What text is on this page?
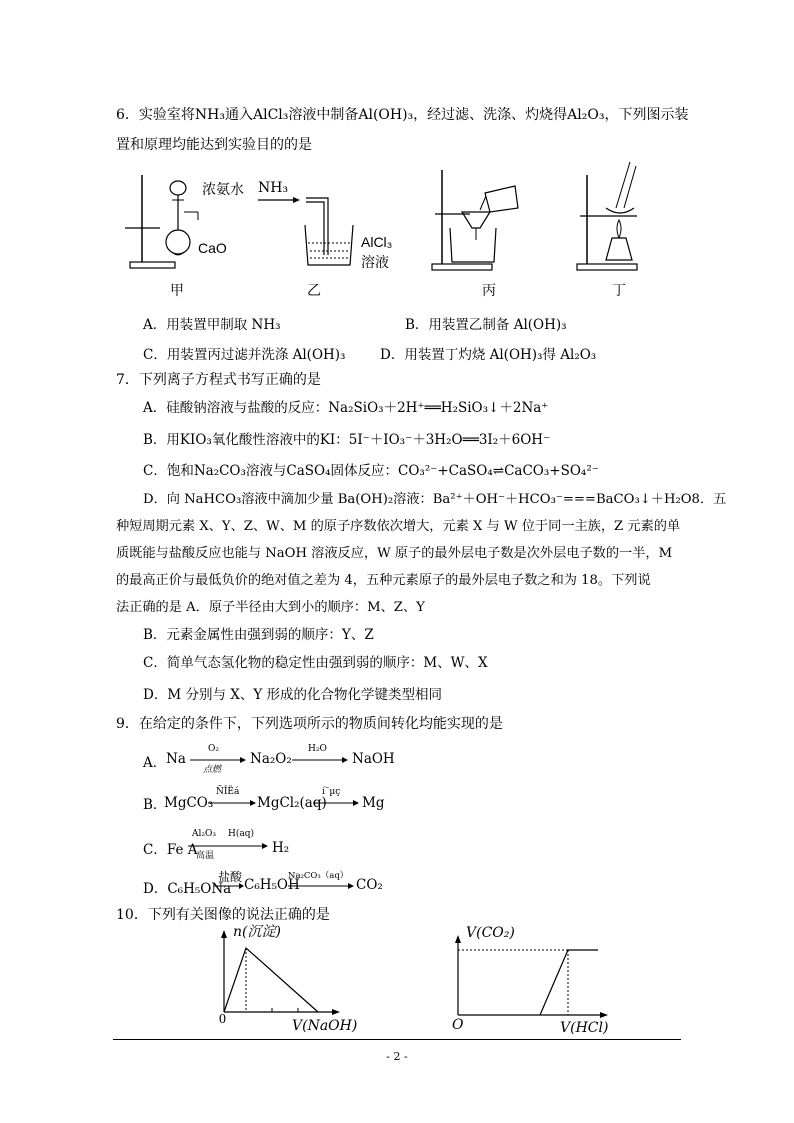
6．实验室将NH₃通入AlCl₃溶液中制备Al(OH)₃，经过滤、洗涤、灼烧得Al₂O₃，下列图示装
置和原理均能达到实验目的的是
浓氨水
CaO
甲
NH₃
AlCl₃
溶液
乙	丙	丁
A．用装置甲制取 NH₃	B．用装置乙制备 Al(OH)₃
C．用装置丙过滤并洗涤 Al(OH)₃	D．用装置丁灼烧 Al(OH)₃得 Al₂O₃
7．下列离子方程式书写正确的是
A．硅酸钠溶液与盐酸的反应：Na₂SiO₃＋2H⁺══H₂SiO₃↓＋2Na⁺
B．用KIO₃氧化酸性溶液中的KI：5I⁻＋IO₃⁻＋3H₂O══3I₂＋6OH⁻
C．饱和Na₂CO₃溶液与CaSO₄固体反应：CO₃²⁻+CaSO₄⇌CaCO₃+SO₄²⁻
D．向 NaHCO₃溶液中滴加少量 Ba(OH)₂溶液：Ba²⁺＋OH⁻＋HCO₃⁻===BaCO₃↓＋H₂O8．五
种短周期元素 X、Y、Z、W、M 的原子序数依次增大，元素 X 与 W 位于同一主族，Z 元素的单
质既能与盐酸反应也能与 NaOH 溶液反应，W 原子的最外层电子数是次外层电子数的一半，M
的最高正价与最低负价的绝对值之差为 4，五种元素原子的最外层电子数之和为 18。下列说
法正确的是 A．原子半径由大到小的顺序：M、Z、Y
B．元素金属性由强到弱的顺序：Y、Z
C．简单气态氢化物的稳定性由强到弱的顺序：M、W、X
D．M 分别与 X、Y 形成的化合物化学键类型相同
9．在给定的条件下，下列选项所示的物质间转化均能实现的是
A． Na
O₂
点燃
Na₂O₂
H₂O
NaOH
B．
MgCO₃
ÑÎËá
MgCl₂(aq)
í¨µç
Mg
C．Fe A
Al₂O₃
高温
H(aq)
H₂
D．C₆H₅ONa
盐酸 C₆H₅OH
Na₂CO₃（aq）
CO₂
10．下列有关图像的说法正确的是
n(沉淀)
0	V(NaOH)
V(CO₂)
O	V(HCl)
- 2 -
